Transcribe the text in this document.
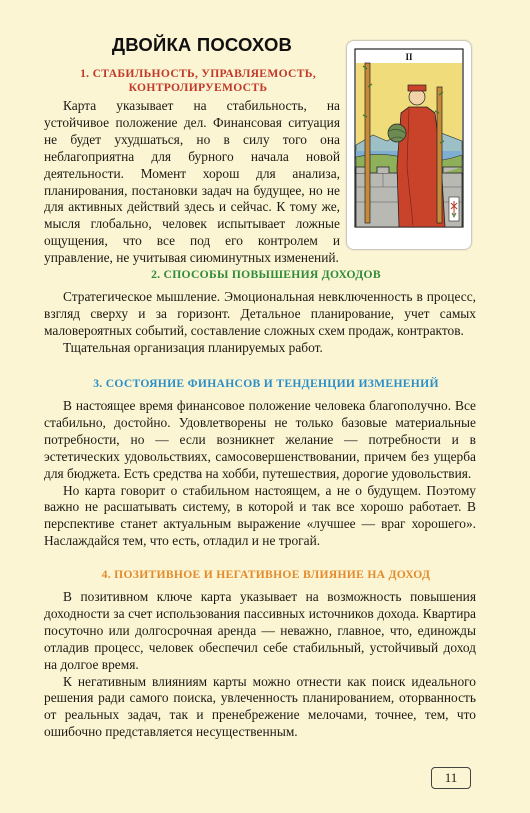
ДВОЙКА ПОСОХОВ
II
1. СТАБИЛЬНОСТЬ, УПРАВЛЯЕМОСТЬ,
КОНТРОЛИРУЕМОСТЬ

Карта указывает на стабильность, на устойчивое положение дел. Финансовая ситуация не будет ухудшаться, но в силу того она неблагоприятна для бурного начала новой деятельности. Момент хорош для анализа, планирования, постановки задач на будущее, но не для активных действий здесь и сейчас. К тому же, мысля глобально, человек испытывает ложные ощущения, что все под его контролем и управление, не учитывая сиюминутных изменений.

2. СПОСОБЫ ПОВЫШЕНИЯ ДОХОДОВ

Стратегическое мышление. Эмоциональная невключенность в процесс, взгляд сверху и за горизонт. Детальное планирование, учет самых маловероятных событий, составление сложных схем продаж, контрактов.

Тщательная организация планируемых работ.

3. СОСТОЯНИЕ ФИНАНСОВ И ТЕНДЕНЦИИ ИЗМЕНЕНИЙ

В настоящее время финансовое положение человека благополучно. Все стабильно, достойно. Удовлетворены не только базовые материальные потребности, но — если возникнет желание — потребности и в эстетических удовольствиях, самосовершенствовании, причем без ущерба для бюджета. Есть средства на хобби, путешествия, дорогие удовольствия.

Но карта говорит о стабильном настоящем, а не о будущем. Поэтому важно не расшатывать систему, в которой и так все хорошо работает. В перспективе станет актуальным выражение «лучшее — враг хорошего». Наслаждайся тем, что есть, отладил и не трогай.

4. ПОЗИТИВНОЕ И НЕГАТИВНОЕ ВЛИЯНИЕ НА ДОХОД

В позитивном ключе карта указывает на возможность повышения доходности за счет использования пассивных источников дохода. Квартира посуточно или долгосрочная аренда — неважно, главное, что, единожды отладив процесс, человек обеспечил себе стабильный, устойчивый доход на долгое время.

К негативным влияниям карты можно отнести как поиск идеального решения ради самого поиска, увлеченность планированием, оторванность от реальных задач, так и пренебрежение мелочами, точнее, тем, что ошибочно представляется несущественным.

11
